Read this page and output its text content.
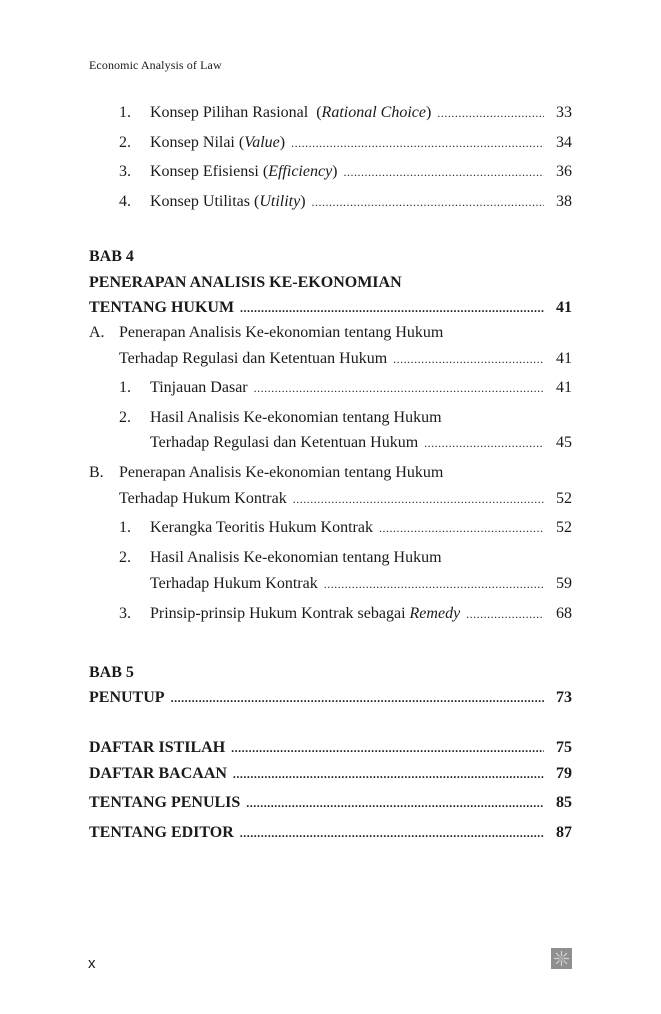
Economic Analysis of Law
1.	Konsep Pilihan Rasional  (Rational Choice) .....	33
2.	Konsep Nilai (Value) .....	34
3.	Konsep Efisiensi (Efficiency) .....	36
4.	Konsep Utilitas (Utility) .....	38
BAB 4
PENERAPAN ANALISIS KE-EKONOMIAN
TENTANG HUKUM .....	41
A. Penerapan Analisis Ke-ekonomian tentang Hukum
Terhadap Regulasi dan Ketentuan Hukum .....	41
1.	Tinjauan Dasar .....	41
2. Hasil Analisis Ke-ekonomian tentang Hukum
Terhadap Regulasi dan Ketentuan Hukum .....	45
B. Penerapan Analisis Ke-ekonomian tentang Hukum
Terhadap Hukum Kontrak .....	52
1.	Kerangka Teoritis Hukum Kontrak .....	52
2. Hasil Analisis Ke-ekonomian tentang Hukum
Terhadap Hukum Kontrak .....	59
3.	Prinsip-prinsip Hukum Kontrak sebagai Remedy .....	68
BAB 5
PENUTUP .....	73
DAFTAR ISTILAH .....	75
DAFTAR BACAAN .....	79
TENTANG PENULIS .....	85
TENTANG EDITOR .....	87
x
